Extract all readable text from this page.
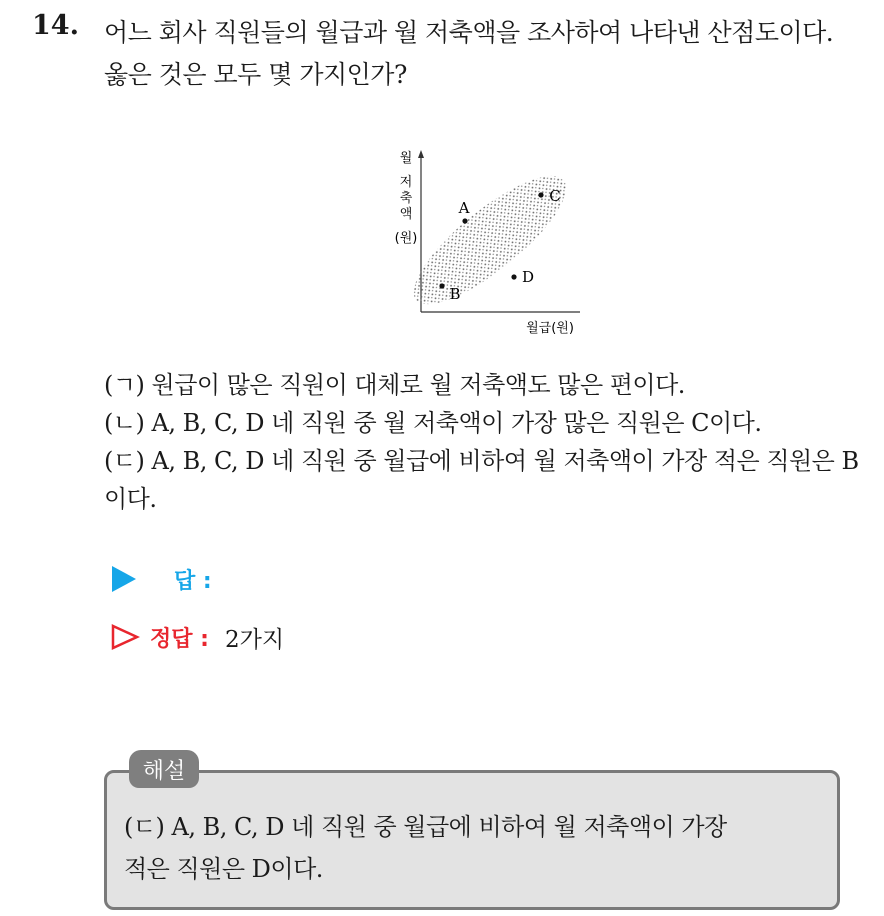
14. 어느 회사 직원들의 월급과 월 저축액을 조사하여 나타낸 산점도이다.
옳은 것은 모두 몇 가지인가?
월
저
축
액
(원)
월급(원)
A
B
C
D
(ㄱ) 원급이 많은 직원이 대체로 월 저축액도 많은 편이다.
(ㄴ) A, B, C, D 네 직원 중 월 저축액이 가장 많은 직원은 C이다.
(ㄷ) A, B, C, D 네 직원 중 월급에 비하여 월 저축액이 가장 적은 직원은 B이다.
답 :
정답 : 2가지
해설
(ㄷ) A, B, C, D 네 직원 중 월급에 비하여 월 저축액이 가장
적은 직원은 D이다.
